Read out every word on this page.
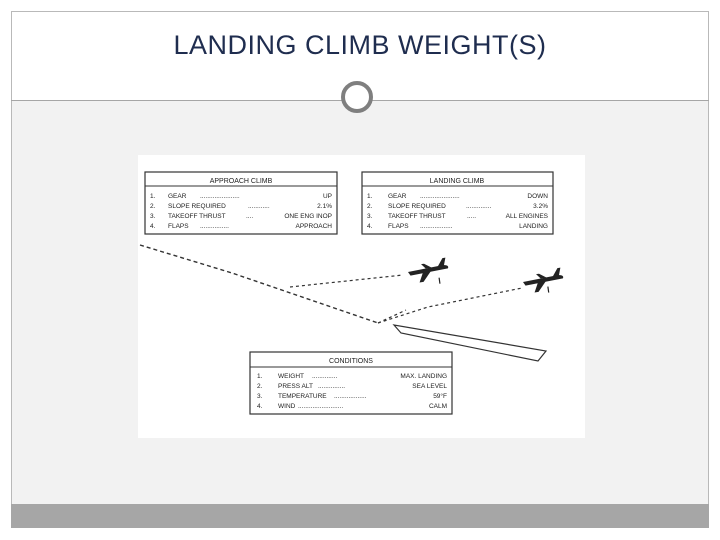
LANDING CLIMB WEIGHT(S)
APPROACH CLIMB
1. GEAR ......................	UP
2. SLOPE REQUIRED	............	2.1%
3. TAKEOFF THRUST	....	ONE ENG INOP
4. FLAPS ................	APPROACH
LANDING CLIMB
1. GEAR ......................	DOWN
2. SLOPE REQUIRED	..............	3.2%
3. TAKEOFF THRUST	.....	ALL ENGINES
4. FLAPS ..................	LANDING
CONDITIONS
1. WEIGHT ..............	MAX. LANDING
2. PRESS ALT ...............	SEA LEVEL
3. TEMPERATURE ..................	59°F
4. WIND .........................	CALM
